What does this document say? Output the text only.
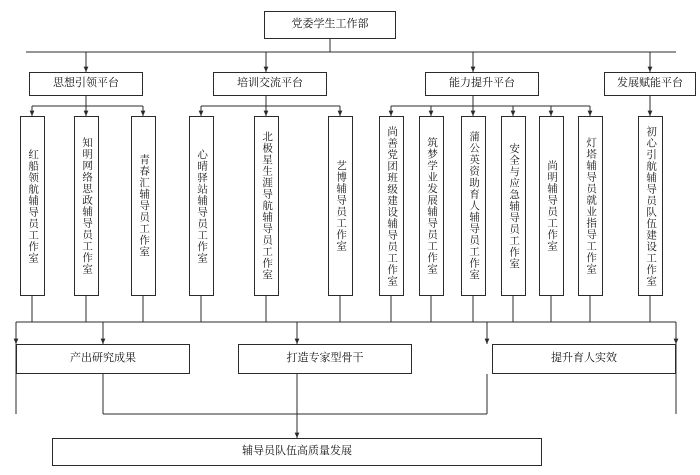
党委学生工作部
思想引领平台	培训交流平台	能力提升平台	发展赋能平台
红船领航辅导员工作室	知明网络思政辅导员工作室	青春汇辅导员工作室	心晴驿站辅导员工作室	北极星生涯导航辅导员工作室	艺博辅导员工作室	尚善党团班级建设辅导员工作室	筑梦学业发展辅导员工作室	蒲公英资助育人辅导员工作室	安全与应急辅导员工作室 尚明辅导员工作室	灯塔辅导员就业指导工作室	初心引航辅导员队伍建设工作室
产出研究成果	打造专家型骨干	提升育人实效
辅导员队伍高质量发展
